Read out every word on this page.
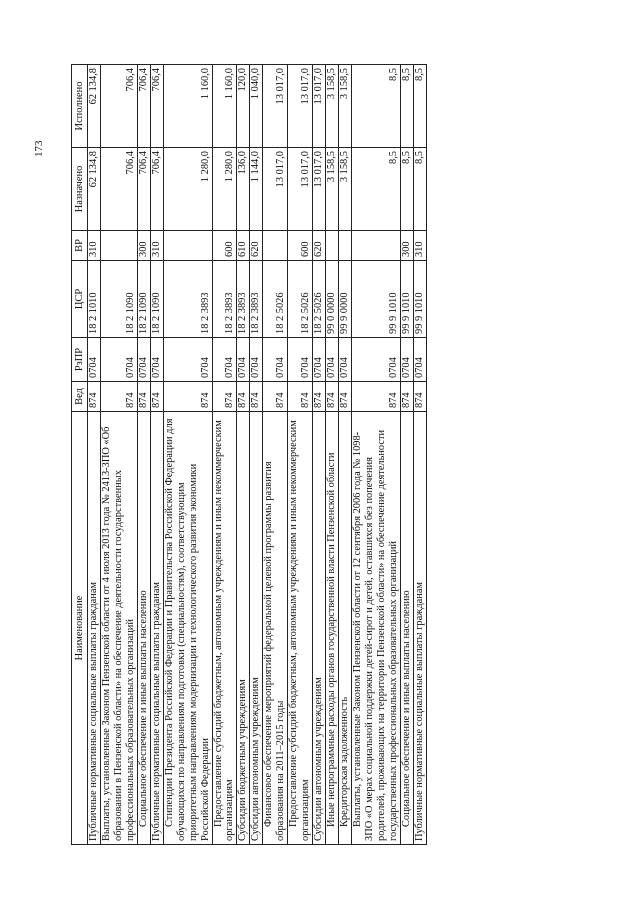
173
Наименование	Вед	РзПР	ЦСР	ВР	Назначено	Исполнено
Публичные нормативные социальные выплаты гражданам	874	0704	18 2 1010	310	62 134,8	62 134,8
Выплаты, установленные Законом Пензенской области от 4 июля 2013 года № 2413-ЗПО «Об образовании в Пензенской области» на обеспечение деятельности государственных профессиональных образовательных организаций	874	0704	18 2 1090		706,4	706,4
Социальное обеспечение и иные выплаты населению	874	0704	18 2 1090	300	706,4	706,4
Публичные нормативные социальные выплаты гражданам	874	0704	18 2 1090	310	706,4	706,4
Стипендии Президента Российской Федерации и Правительства Российской Федерации для обучающихся по направлениям подготовки (специальностям), соответствующим приоритетным направлениям модернизации и технологического развития экономики Российской Федерации	874	0704	18 2 3893		1 280,0	1 160,0
Предоставление субсидий бюджетным, автономным учреждениям и иным некоммерческим организациям	874	0704	18 2 3893	600	1 280,0	1 160,0
Субсидии бюджетным учреждениям	874	0704	18 2 3893	610	136,0	120,0
Субсидии автономным учреждениям	874	0704	18 2 3893	620	1 144,0	1 040,0
Финансовое обеспечение мероприятий федеральной целевой программы развития образования на 2011–2015 годы	874	0704	18 2 5026		13 017,0	13 017,0
Предоставление субсидий бюджетным, автономным учреждениям и иным некоммерческим организациям	874	0704	18 2 5026	600	13 017,0	13 017,0
Субсидии автономным учреждениям	874	0704	18 2 5026	620	13 017,0	13 017,0
Иные непрограммные расходы органов государственной власти Пензенской области	874	0704	99 0 0000		3 158,5	3 158,5
Кредиторская задолженность	874	0704	99 9 0000		3 158,5	3 158,5
Выплаты, установленные Законом Пензенской области от 12 сентября 2006 года № 1098-ЗПО «О мерах социальной поддержки детей-сирот и детей, оставшихся без попечения родителей, проживающих на территории Пензенской области» на обеспечение деятельности государственных профессиональных образовательных организаций	874	0704	99 9 1010		8,5	8,5
Социальное обеспечение и иные выплаты населению	874	0704	99 9 1010	300	8,5	8,5
Публичные нормативные социальные выплаты гражданам	874	0704	99 9 1010	310	8,5	8,5
